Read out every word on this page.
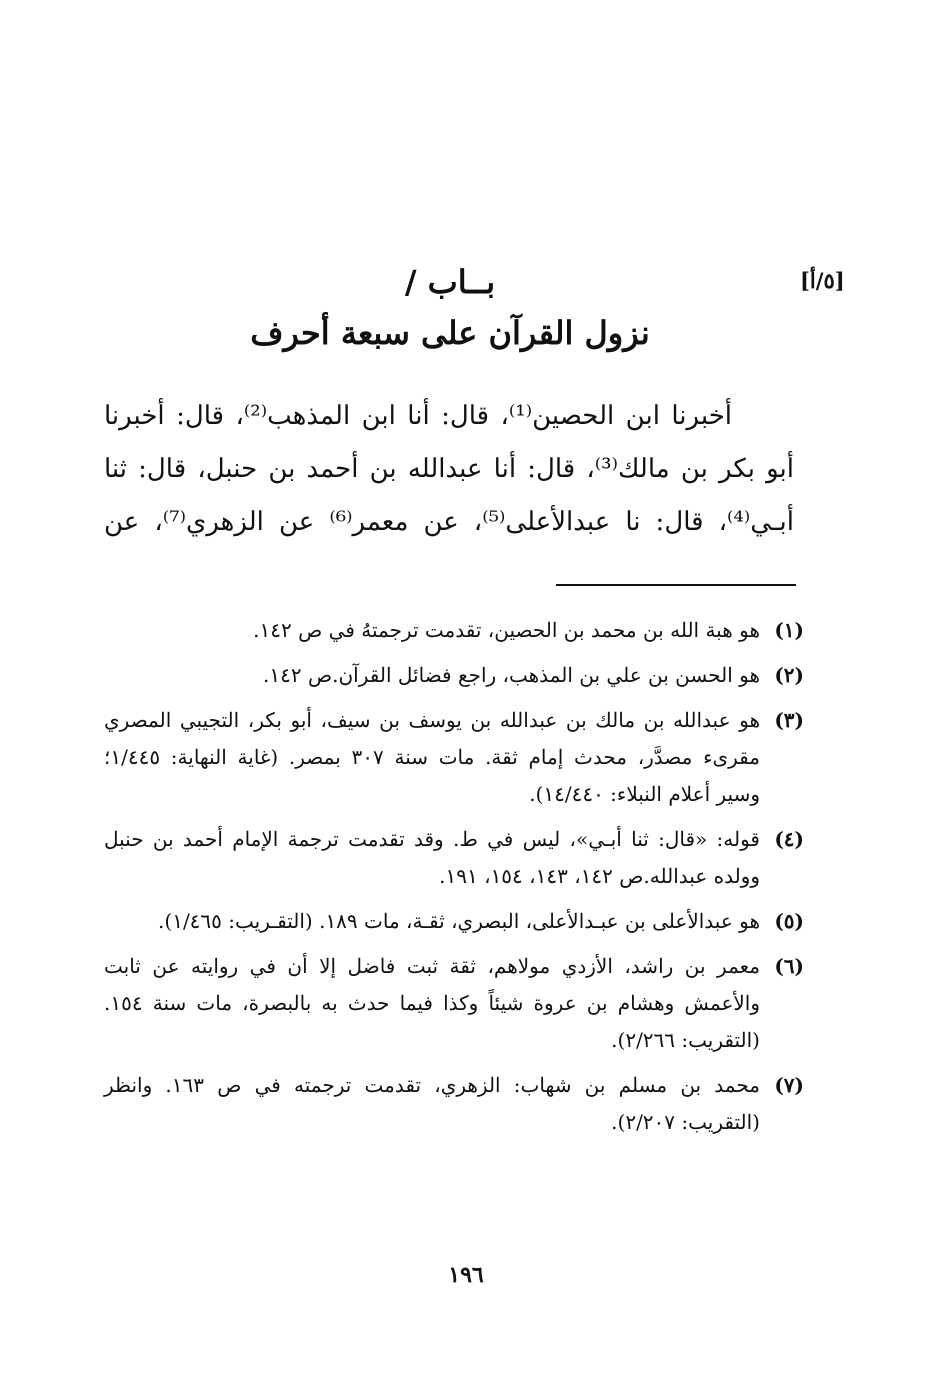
[٥/أ]
بــاب /
نزول القرآن على سبعة أحرف
أخبرنا ابن الحصين⁽¹⁾، قال: أنا ابن المذهب⁽²⁾، قال: أخبرنا
أبو بكر بن مالك⁽³⁾، قال: أنا عبدالله بن أحمد بن حنبل، قال: ثنا
أبـي⁽⁴⁾، قال: نا عبدالأعلى⁽⁵⁾، عن معمر⁽⁶⁾ عن الزهري⁽⁷⁾، عن
(١)
هو هبة الله بن محمد بن الحصين، تقدمت ترجمتهُ في ص ١٤٢.
(٢)
هو الحسن بن علي بن المذهب، راجع فضائل القرآن.ص ١٤٢.
(٣)
هو عبدالله بن مالك بن عبدالله بن يوسف بن سيف، أبو بكر، التجيبي المصري مقرىء مصدَّر، محدث إمام ثقة. مات سنة ٣٠٧ بمصر. (غاية النهاية: ١/٤٤٥؛ وسير أعلام النبلاء: ١٤/٤٤٠).
(٤)
قوله: «قال: ثنا أبـي»، ليس في ط. وقد تقدمت ترجمة الإمام أحمد بن حنبل وولده عبدالله.ص ١٤٢، ١٤٣، ١٥٤، ١٩١.
(٥)
هو عبدالأعلى بن عبـدالأعلى، البصري، ثقـة، مات ١٨٩. (التقـريب: ١/٤٦٥).
(٦)
معمر بن راشد، الأزدي مولاهم، ثقة ثبت فاضل إلا أن في روايته عن ثابت والأعمش وهشام بن عروة شيئاً وكذا فيما حدث به بالبصرة، مات سنة ١٥٤. (التقريب: ٢/٢٦٦).
(٧)
محمد بن مسلم بن شهاب: الزهري، تقدمت ترجمته في ص ١٦٣. وانظر (التقريب: ٢/٢٠٧).
١٩٦
